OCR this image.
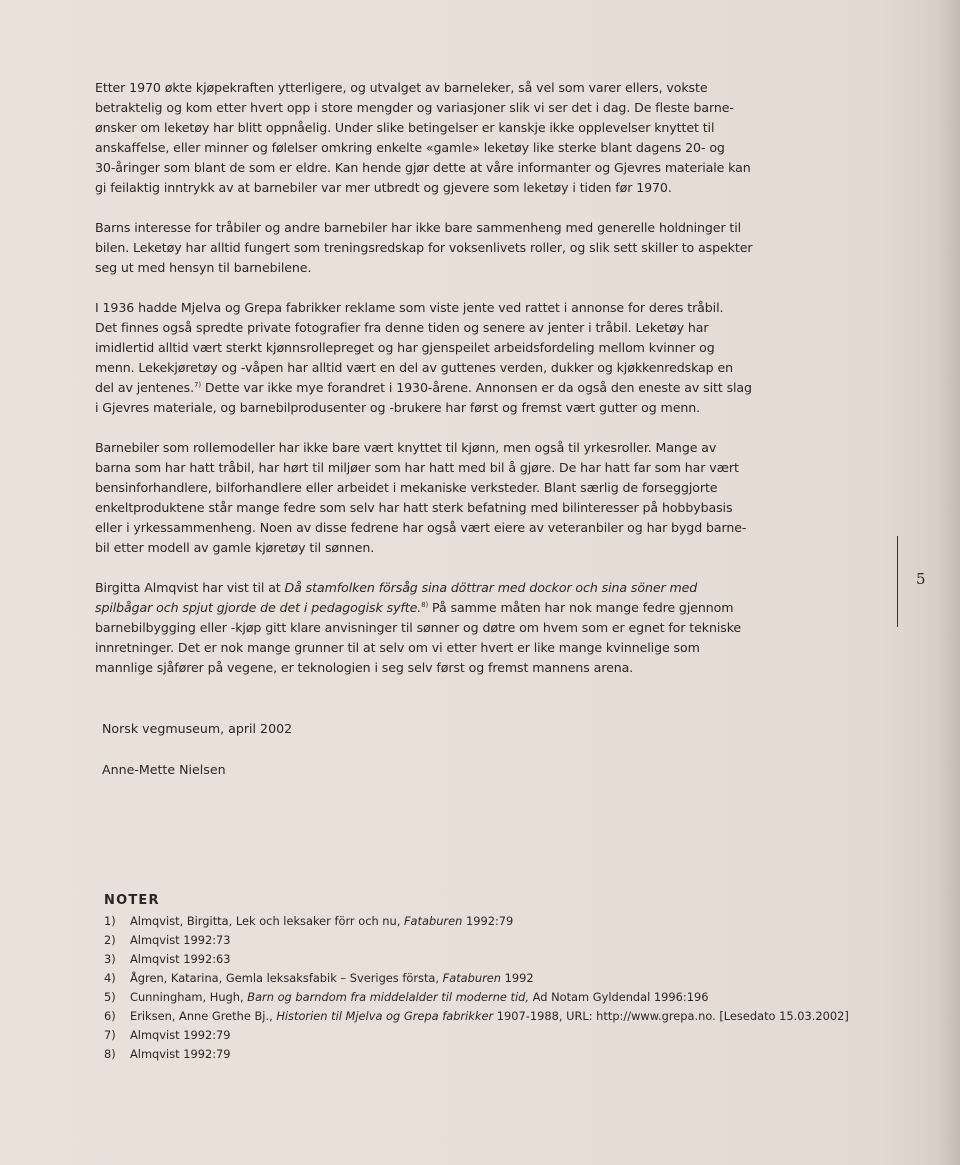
Etter 1970 økte kjøpekraften ytterligere, og utvalget av barneleker, så vel som varer ellers, vokste
betraktelig og kom etter hvert opp i store mengder og variasjoner slik vi ser det i dag. De fleste barne-
ønsker om leketøy har blitt oppnåelig. Under slike betingelser er kanskje ikke opplevelser knyttet til
anskaffelse, eller minner og følelser omkring enkelte «gamle» leketøy like sterke blant dagens 20- og
30-åringer som blant de som er eldre. Kan hende gjør dette at våre informanter og Gjevres materiale kan
gi feilaktig inntrykk av at barnebiler var mer utbredt og gjevere som leketøy i tiden før 1970.
Barns interesse for tråbiler og andre barnebiler har ikke bare sammenheng med generelle holdninger til
bilen. Leketøy har alltid fungert som treningsredskap for voksenlivets roller, og slik sett skiller to aspekter
seg ut med hensyn til barnebilene.
I 1936 hadde Mjelva og Grepa fabrikker reklame som viste jente ved rattet i annonse for deres tråbil.
Det finnes også spredte private fotografier fra denne tiden og senere av jenter i tråbil. Leketøy har
imidlertid alltid vært sterkt kjønnsrollepreget og har gjenspeilet arbeidsfordeling mellom kvinner og
menn. Lekekjøretøy og -våpen har alltid vært en del av guttenes verden, dukker og kjøkkenredskap en
del av jentenes.$^{7)}$ Dette var ikke mye forandret i 1930-årene. Annonsen er da også den eneste av sitt slag
i Gjevres materiale, og barnebilprodusenter og -brukere har først og fremst vært gutter og menn.
Barnebiler som rollemodeller har ikke bare vært knyttet til kjønn, men også til yrkesroller. Mange av
barna som har hatt tråbil, har hørt til miljøer som har hatt med bil å gjøre. De har hatt far som har vært
bensinforhandlere, bilforhandlere eller arbeidet i mekaniske verksteder. Blant særlig de forseggjorte
enkeltproduktene står mange fedre som selv har hatt sterk befatning med bilinteresser på hobbybasis
eller i yrkessammenheng. Noen av disse fedrene har også vært eiere av veteranbiler og har bygd barne-
bil etter modell av gamle kjøretøy til sønnen.
Birgitta Almqvist har vist til at Då stamfolken försåg sina döttrar med dockor och sina söner med
spilbågar och spjut gjorde de det i pedagogisk syfte.$^{8)}$ På samme måten har nok mange fedre gjennom
barnebilbygging eller -kjøp gitt klare anvisninger til sønner og døtre om hvem som er egnet for tekniske
innretninger. Det er nok mange grunner til at selv om vi etter hvert er like mange kvinnelige som
mannlige sjåfører på vegene, er teknologien i seg selv først og fremst mannens arena.
Norsk vegmuseum, april 2002
Anne-Mette Nielsen
5
NOTER
1) Almqvist, Birgitta, Lek och leksaker förr och nu, Fataburen 1992:79
2) Almqvist 1992:73
3) Almqvist 1992:63
4) Ågren, Katarina, Gemla leksaksfabik – Sveriges första, Fataburen 1992
5) Cunningham, Hugh, Barn og barndom fra middelalder til moderne tid, Ad Notam Gyldendal 1996:196
6) Eriksen, Anne Grethe Bj., Historien til Mjelva og Grepa fabrikker 1907-1988, URL: http://www.grepa.no. [Lesedato 15.03.2002]
7) Almqvist 1992:79
8) Almqvist 1992:79
